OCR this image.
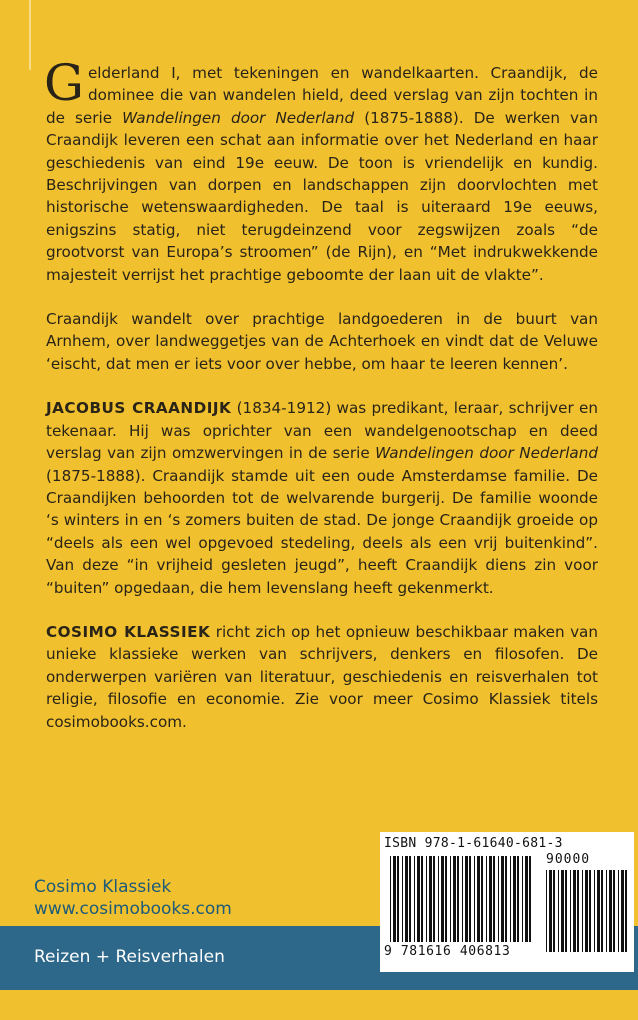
Gelderland I, met tekeningen en wandelkaarten. Craandijk, de dominee die van wandelen hield, deed verslag van zijn tochten in de serie Wandelingen door Nederland (1875-1888). De werken van Craandijk leveren een schat aan informatie over het Nederland en haar geschiedenis van eind 19e eeuw. De toon is vriendelijk en kundig. Beschrijvingen van dorpen en landschappen zijn doorvlochten met historische wetenswaardigheden. De taal is uiteraard 19e eeuws, enigszins statig, niet terugdeinzend voor zegswijzen zoals “de grootvorst van Europa’s stroomen” (de Rijn), en “Met indrukwekkende majesteit verrijst het prachtige geboomte der laan uit de vlakte”.

Craandijk wandelt over prachtige landgoederen in de buurt van Arnhem, over landweggetjes van de Achterhoek en vindt dat de Veluwe ‘eischt, dat men er iets voor over hebbe, om haar te leeren kennen’.

JACOBUS CRAANDIJK (1834-1912) was predikant, leraar, schrijver en tekenaar. Hij was oprichter van een wandelgenootschap en deed verslag van zijn omzwervingen in de serie Wandelingen door Nederland (1875-1888). Craandijk stamde uit een oude Amsterdamse familie. De Craandijken behoorden tot de welvarende burgerij. De familie woonde ‘s winters in en ‘s zomers buiten de stad. De jonge Craandijk groeide op “deels als een wel opgevoed stedeling, deels als een vrij buitenkind”. Van deze “in vrijheid gesleten jeugd”, heeft Craandijk diens zin voor “buiten” opgedaan, die hem levenslang heeft gekenmerkt.

COSIMO KLASSIEK richt zich op het opnieuw beschikbaar maken van unieke klassieke werken van schrijvers, denkers en filosofen. De onderwerpen variëren van literatuur, geschiedenis en reisverhalen tot religie, filosofie en economie. Zie voor meer Cosimo Klassiek titels cosimobooks.com.

Cosimo Klassiek
www.cosimobooks.com
Reizen + Reisverhalen
ISBN 978-1-61640-681-3
90000
9 781616 406813
